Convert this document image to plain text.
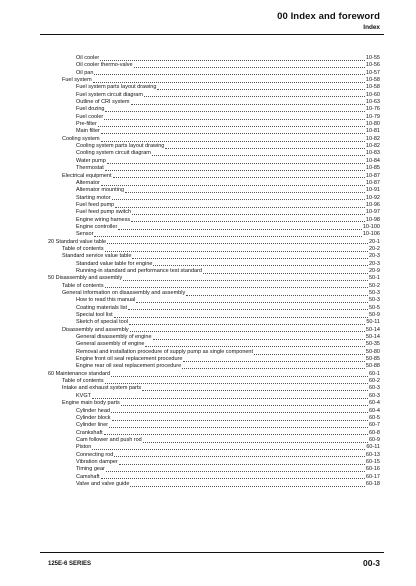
00 Index and foreword
Index
Oil cooler	10-55
Oil cooler thermo-valve	10-56
Oil pan	10-57
Fuel system	10-58
Fuel system parts layout drawing	10-58
Fuel system circuit diagram	10-60
Outline of CRI system	10-63
Fuel dozing	10-76
Fuel cooler	10-79
Pre-filter	10-80
Main filter	10-81
Cooling system	10-82
Cooling system parts layout drawing	10-82
Cooling system circuit diagram	10-83
Water pump	10-84
Thermostat	10-85
Electrical equipment	10-87
Alternator	10-87
Alternator mounting	10-91
Starting motor	10-92
Fuel feed pump	10-96
Fuel feed pump switch	10-97
Engine wiring harness	10-98
Engine controller	10-100
Sensor	10-106
20 Standard value table	20-1
Table of contents	20-2
Standard service value table	20-3
Standard value table for engine	20-3
Running-in standard and performance test standard	20-9
50 Disassembly and assembly	50-1
Table of contents	50-2
General information on disassembly and assembly	50-3
How to read this manual	50-3
Coating materials list	50-5
Special tool list	50-9
Sketch of special tool	50-11
Disassembly and assembly	50-14
General disassembly of engine	50-14
General assembly of engine	50-35
Removal and installation procedure of supply pump as single component	50-80
Engine front oil seal replacement procedure	50-85
Engine rear oil seal replacement procedure	50-88
60 Maintenance standard	60-1
Table of contents	60-2
Intake and exhaust system parts	60-3
KVGT	60-3
Engine main body parts	60-4
Cylinder head	60-4
Cylinder block	60-5
Cylinder liner	60-7
Crankshaft	60-8
Cam follower and push rod	60-9
Piston	60-11
Connecting rod	60-13
Vibration damper	60-15
Timing gear	60-16
Camshaft	60-17
Valve and valve guide	60-18
125E-6 SERIES	00-3
